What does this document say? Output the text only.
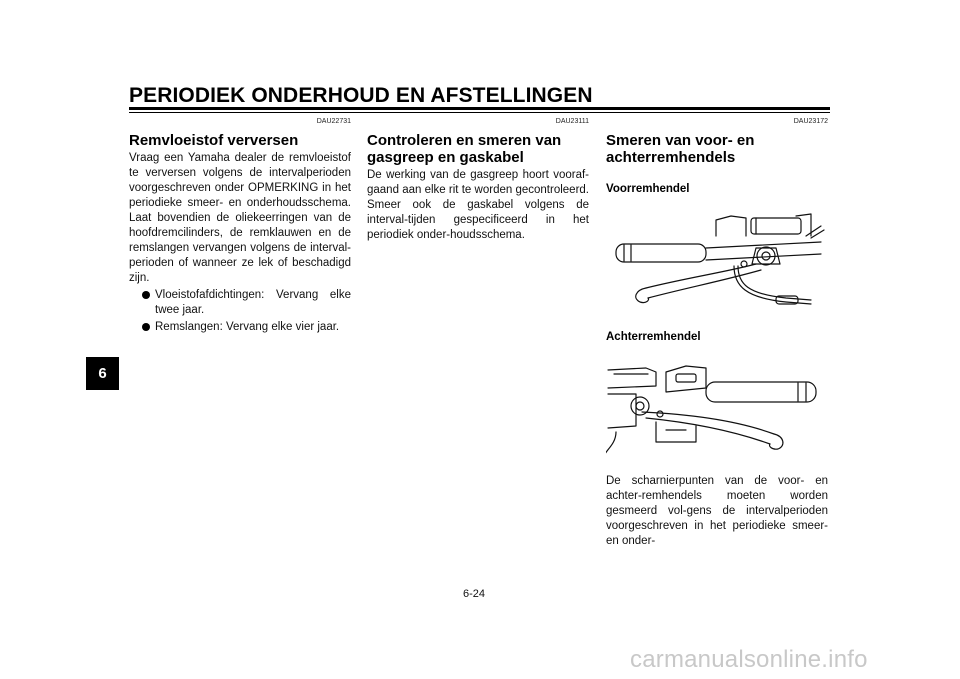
PERIODIEK ONDERHOUD EN AFSTELLINGEN
6
DAU22731
Remvloeistof verversen

Vraag een Yamaha dealer de remvloeistof te verversen volgens de intervalperioden voorgeschreven onder OPMERKING in het periodieke smeer- en onderhoudsschema. Laat bovendien de oliekeerringen van de hoofdremcilinders, de remklauwen en de remslangen vervangen volgens de interval-perioden of wanneer ze lek of beschadigd zijn.

Vloeistofafdichtingen: Vervang elke twee jaar.
Remslangen: Vervang elke vier jaar.
DAU23111
Controleren en smeren van gasgreep en gaskabel

De werking van de gasgreep hoort vooraf-gaand aan elke rit te worden gecontroleerd. Smeer ook de gaskabel volgens de interval-tijden gespecificeerd in het periodiek onder-houdsschema.

DAU23172
Smeren van voor- en achterremhendels
Voorremhendel
Achterremhendel

De scharnierpunten van de voor- en achter-remhendels moeten worden gesmeerd vol-gens de intervalperioden voorgeschreven in het periodieke smeer- en onder-

6-24
carmanualsonline.info
